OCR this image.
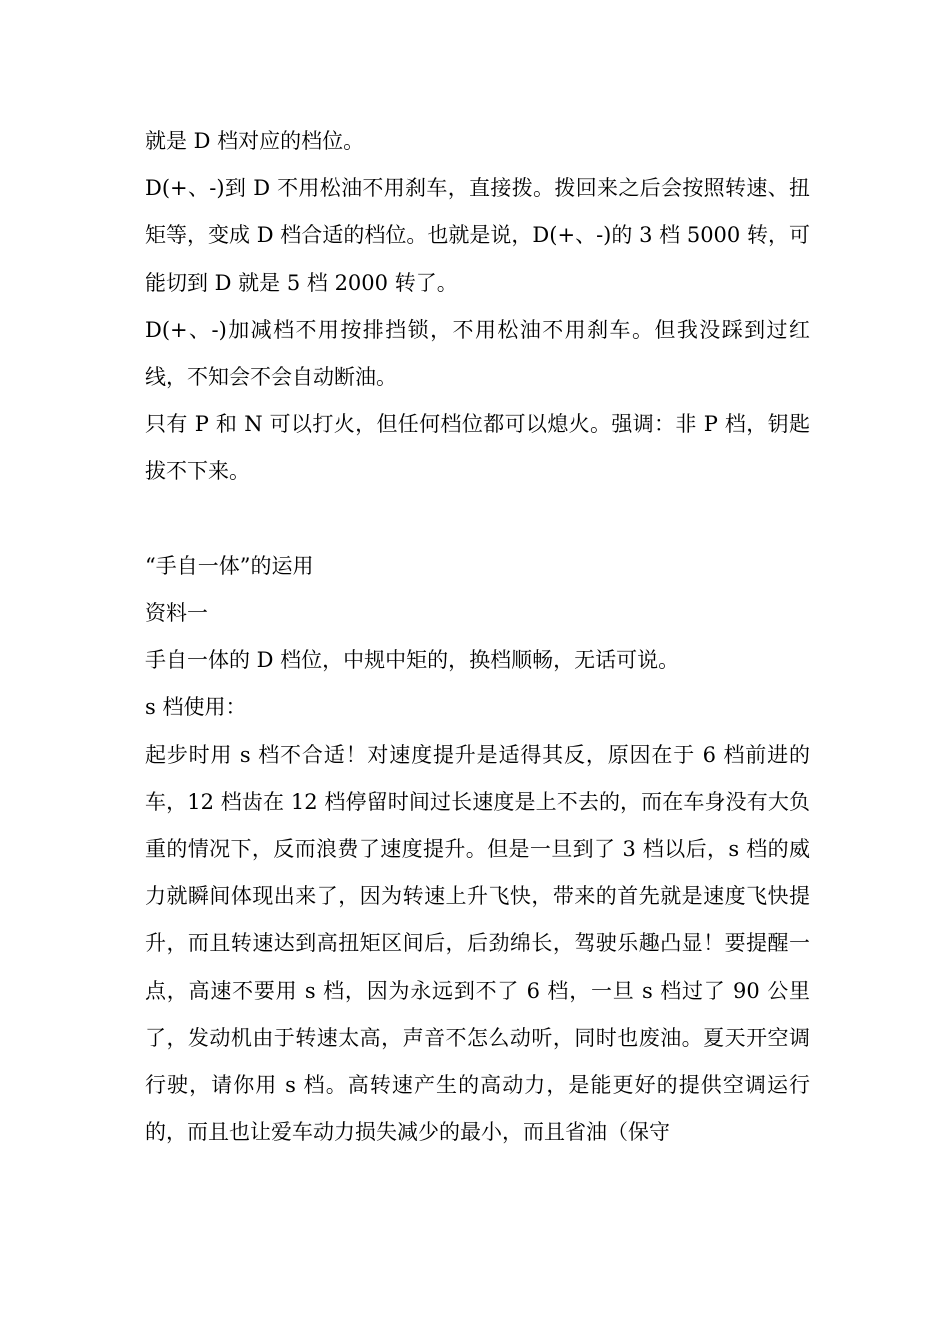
就是 D 档对应的档位。

D(+、-)到 D 不用松油不用刹车，直接拨。拨回来之后会按照转速、扭矩等，变成 D 档合适的档位。也就是说，D(+、-)的 3 档 5000 转，可能切到 D 就是 5 档 2000 转了。

D(+、-)加减档不用按排挡锁，不用松油不用刹车。但我没踩到过红线，不知会不会自动断油。

只有 P 和 N 可以打火，但任何档位都可以熄火。强调：非 P 档，钥匙拔不下来。

“手自一体”的运用

资料一

手自一体的 D 档位，中规中矩的，换档顺畅，无话可说。

s 档使用：

起步时用 s 档不合适！对速度提升是适得其反，原因在于 6 档前进的车，12 档齿在 12 档停留时间过长速度是上不去的，而在车身没有大负重的情况下，反而浪费了速度提升。但是一旦到了 3 档以后，s 档的威力就瞬间体现出来了，因为转速上升飞快，带来的首先就是速度飞快提升，而且转速达到高扭矩区间后，后劲绵长，驾驶乐趣凸显！要提醒一点，高速不要用 s 档，因为永远到不了 6 档，一旦 s 档过了 90 公里了，发动机由于转速太高，声音不怎么动听，同时也废油。夏天开空调行驶，请你用 s 档。高转速产生的高动力，是能更好的提供空调运行的，而且也让爱车动力损失减少的最小，而且省油（保守
